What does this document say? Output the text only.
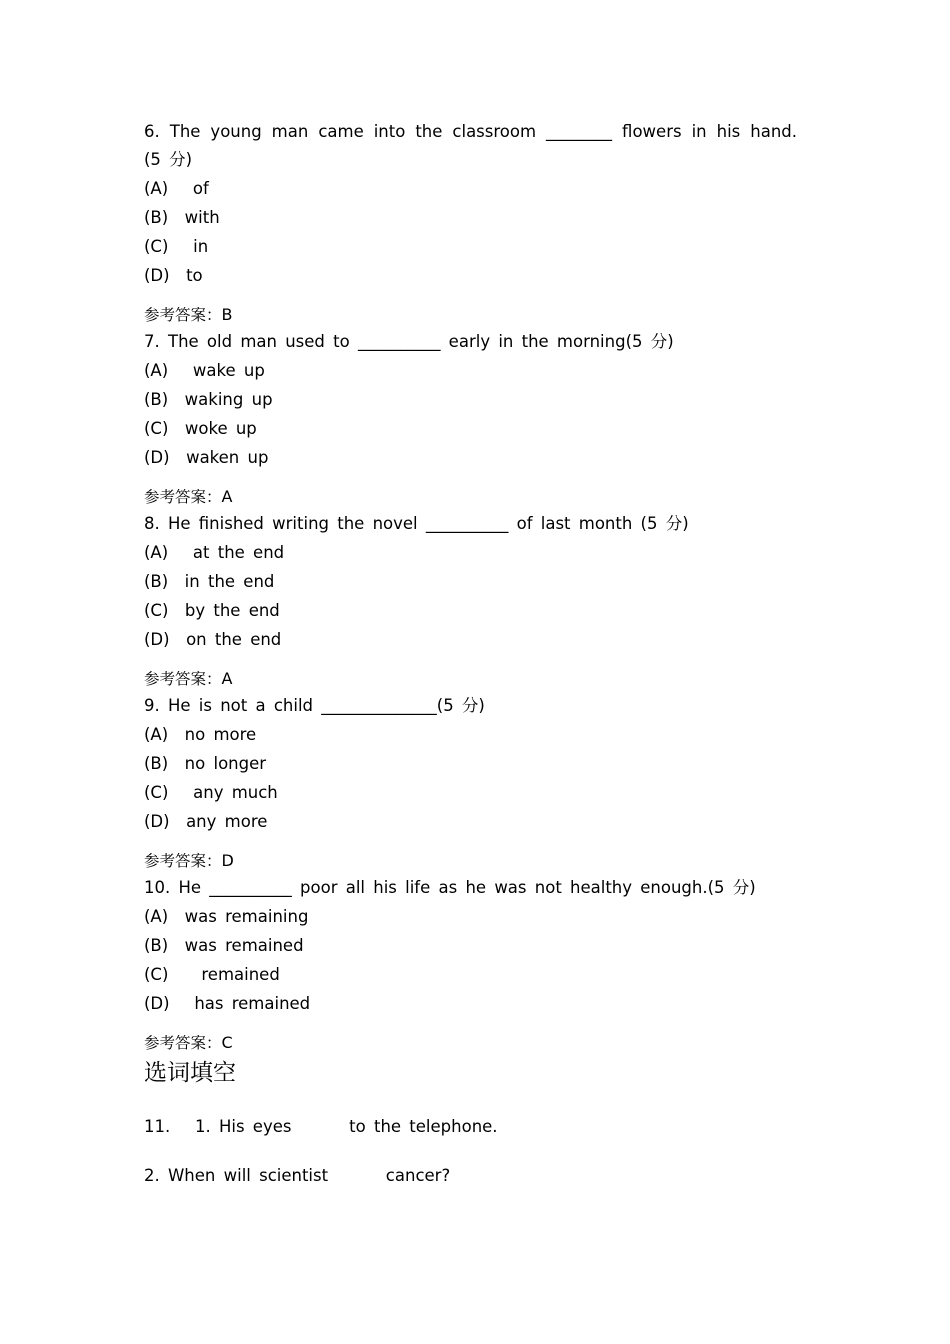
6. The young man came into the classroom ________ flowers in his hand.
(5 分)
(A)   of
(B)  with
(C)   in
(D)  to
参考答案：B
7. The old man used to __________ early in the morning(5 分)
(A)   wake up
(B)  waking up
(C)  woke up
(D)  waken up
参考答案：A
8. He finished writing the novel __________ of last month (5 分)
(A)   at the end
(B)  in the end
(C)  by the end
(D)  on the end
参考答案：A
9. He is not a child ______________(5 分)
(A)  no more
(B)  no longer
(C)   any much
(D)  any more
参考答案：D
10. He __________ poor all his life as he was not healthy enough.(5 分)
(A)  was remaining
(B)  was remained
(C)    remained
(D)   has remained
参考答案：C
选词填空
11.   1. His eyes       to the telephone.
2. When will scientist       cancer?
